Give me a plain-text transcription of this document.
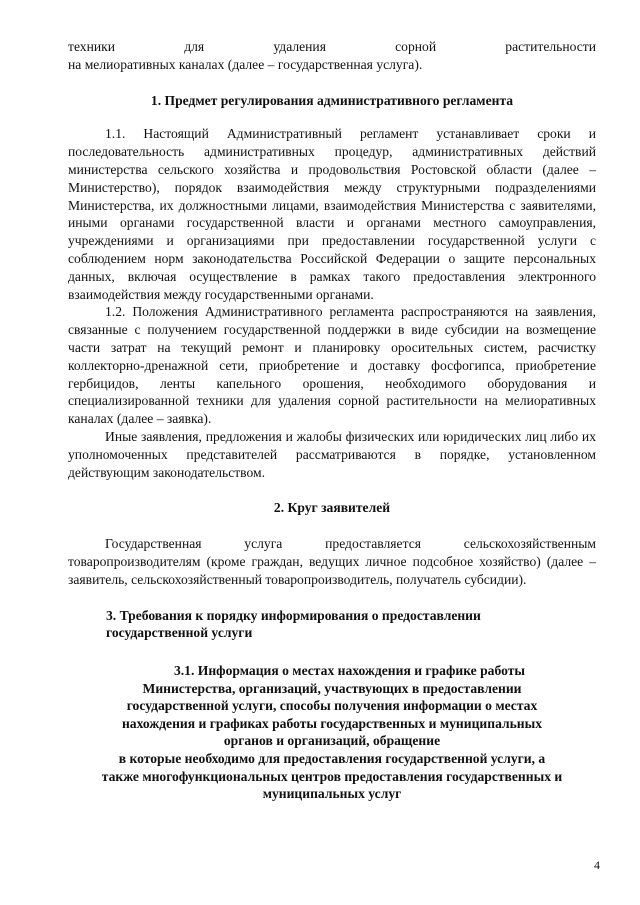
техники для удаления сорной растительности

на мелиоративных каналах (далее – государственная услуга).

1. Предмет регулирования административного регламента

1.1. Настоящий Административный регламент устанавливает сроки и последовательность административных процедур, административных действий министерства сельского хозяйства и продовольствия Ростовской области (далее – Министерство), порядок взаимодействия между структурными подразделениями Министерства, их должностными лицами, взаимодействия Министерства с заявителями, иными органами государственной власти и органами местного самоуправления, учреждениями и организациями при предоставлении государственной услуги с соблюдением норм законодательства Российской Федерации о защите персональных данных, включая осуществление в рамках такого предоставления электронного взаимодействия между государственными органами.

1.2. Положения Административного регламента распространяются на заявления, связанные с получением государственной поддержки в виде субсидии на возмещение части затрат на текущий ремонт и планировку оросительных систем, расчистку коллекторно-дренажной сети, приобретение и доставку фосфогипса, приобретение гербицидов, ленты капельного орошения, необходимого оборудования и специализированной техники для удаления сорной растительности на мелиоративных каналах (далее – заявка).

Иные заявления, предложения и жалобы физических или юридических лиц либо их уполномоченных представителей рассматриваются в порядке, установленном действующим законодательством.

2. Круг заявителей

Государственная услуга предоставляется сельскохозяйственным товаропроизводителям (кроме граждан, ведущих личное подсобное хозяйство) (далее – заявитель, сельскохозяйственный товаропроизводитель, получатель субсидии).

3. Требования к порядку информирования о предоставлении
государственной услуги
3.1. Информация о местах нахождения и графике работы
Министерства, организаций, участвующих в предоставлении
государственной услуги, способы получения информации о местах
нахождения и графиках работы государственных и муниципальных
органов и организаций, обращение
в которые необходимо для предоставления государственной услуги, а
также многофункциональных центров предоставления государственных и
муниципальных услуг
4
